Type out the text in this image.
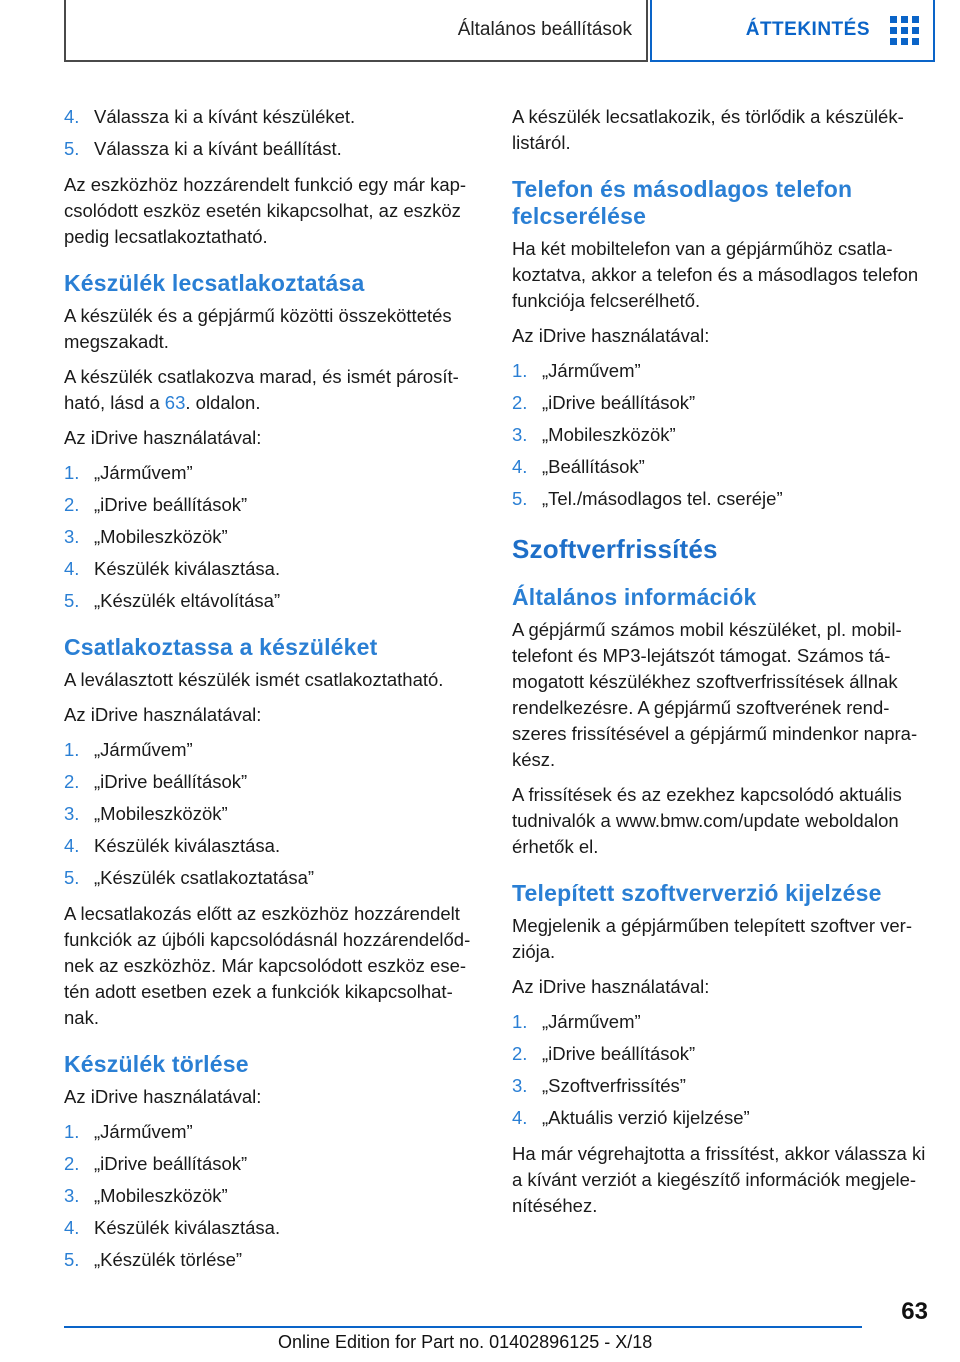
Általános beállítások	ÁTTEKINTÉS
4. Válassza ki a kívánt készüléket.
5. Válassza ki a kívánt beállítást.

Az eszközhöz hozzárendelt funkció egy már kap-csolódott eszköz esetén kikapcsolhat, az eszköz pedig lecsatlakoztatható.

Készülék lecsatlakoztatása

A készülék és a gépjármű közötti összeköttetés megszakadt.

A készülék csatlakozva marad, és ismét párosít-ható, lásd a 63. oldalon.

Az iDrive használatával:

1. „Járművem”
2. „iDrive beállítások”
3. „Mobileszközök”
4. Készülék kiválasztása.
5. „Készülék eltávolítása”
Csatlakoztassa a készüléket

A leválasztott készülék ismét csatlakoztatható.

Az iDrive használatával:

1. „Járművem”
2. „iDrive beállítások”
3. „Mobileszközök”
4. Készülék kiválasztása.
5. „Készülék csatlakoztatása”

A lecsatlakozás előtt az eszközhöz hozzárendelt funkciók az újbóli kapcsolódásnál hozzárendelőd-nek az eszközhöz. Már kapcsolódott eszköz ese-tén adott esetben ezek a funkciók kikapcsolhat-nak.

Készülék törlése

Az iDrive használatával:

1. „Járművem”
2. „iDrive beállítások”
3. „Mobileszközök”
4. Készülék kiválasztása.
5. „Készülék törlése”

A készülék lecsatlakozik, és törlődik a készülék-listáról.

Telefon és másodlagos telefon felcserélése

Ha két mobiltelefon van a gépjárműhöz csatla-koztatva, akkor a telefon és a másodlagos telefon funkciója felcserélhető.

Az iDrive használatával:

1. „Járművem”
2. „iDrive beállítások”
3. „Mobileszközök”
4. „Beállítások”
5. „Tel./másodlagos tel. cseréje”
Szoftverfrissítés
Általános információk

A gépjármű számos mobil készüléket, pl. mobil-telefont és MP3-lejátszót támogat. Számos tá-mogatott készülékhez szoftverfrissítések állnak rendelkezésre. A gépjármű szoftverének rend-szeres frissítésével a gépjármű mindenkor napra-kész.

A frissítések és az ezekhez kapcsolódó aktuális tudnivalók a www.bmw.com/update weboldalon érhetők el.

Telepített szoftververzió kijelzése

Megjelenik a gépjárműben telepített szoftver ver-ziója.

Az iDrive használatával:

1. „Járművem”
2. „iDrive beállítások”
3. „Szoftverfrissítés”
4. „Aktuális verzió kijelzése”

Ha már végrehajtotta a frissítést, akkor válassza ki a kívánt verziót a kiegészítő információk megjele-nítéséhez.

63
Online Edition for Part no. 01402896125 - X/18
